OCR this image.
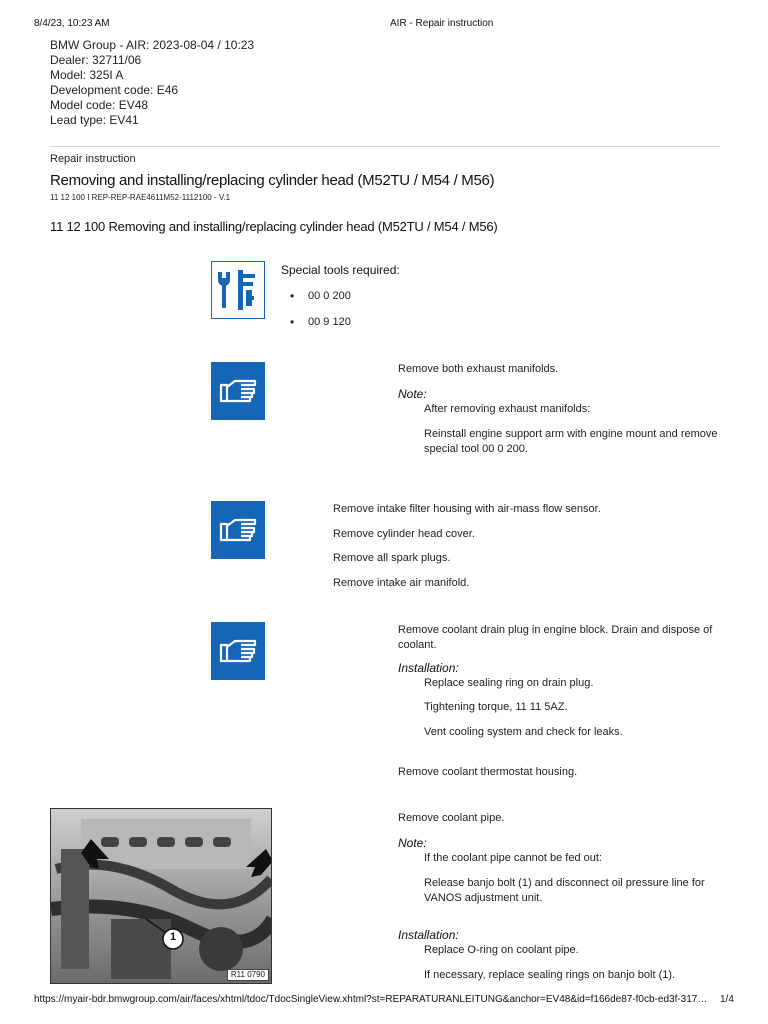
8/4/23, 10:23 AM	AIR - Repair instruction
BMW Group - AIR: 2023-08-04 / 10:23
Dealer: 32711/06
Model: 325I A
Development code: E46
Model code: EV48
Lead type: EV41
Repair instruction
Removing and installing/replacing cylinder head (M52TU / M54 / M56)
11 12 100 I REP-REP-RAE4611M52-1112100 - V.1
11 12 100 Removing and installing/replacing cylinder head (M52TU / M54 / M56)
Special tools required:
• 00 0 200
• 00 9 120
Remove both exhaust manifolds.
Note:
After removing exhaust manifolds:
Reinstall engine support arm with engine mount and remove special tool 00 0 200.
Remove intake filter housing with air-mass flow sensor.
Remove cylinder head cover.
Remove all spark plugs.
Remove intake air manifold.
Remove coolant drain plug in engine block. Drain and dispose of coolant.
Installation:
Replace sealing ring on drain plug.
Tightening torque, 11 11 5AZ.
Vent cooling system and check for leaks.
Remove coolant thermostat housing.
1
R11 0790
Remove coolant pipe.
Note:
If the coolant pipe cannot be fed out:
Release banjo bolt (1) and disconnect oil pressure line for VANOS adjustment unit.
Installation:
Replace O-ring on coolant pipe.
If necessary, replace sealing rings on banjo bolt (1).
https://myair-bdr.bmwgroup.com/air/faces/xhtml/tdoc/TdocSingleView.xhtml?st=REPARATURANLEITUNG&anchor=EV48&id=f166de87-f0cb-ed3f-317…	1/4
